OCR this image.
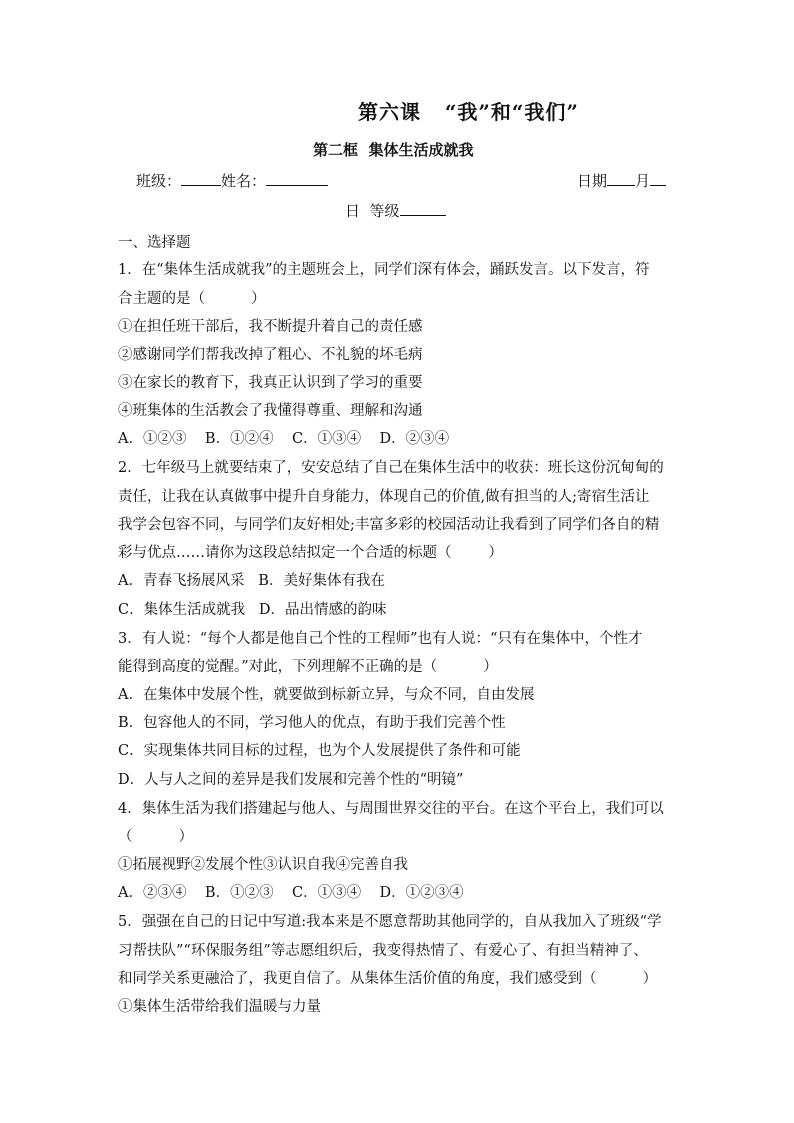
第六课   “我”和“我们”
第二框  集体生活成就我
班级：	姓名：	日期 月
日  等级
一、选择题
1．在“集体生活成就我”的主题班会上，同学们深有体会，踊跃发言。以下发言，符
合主题的是（          ）
①在担任班干部后，我不断提升着自己的责任感
②感谢同学们帮我改掉了粗心、不礼貌的坏毛病
③在家长的教育下，我真正认识到了学习的重要
④班集体的生活教会了我懂得尊重、理解和沟通
A．①②③    B．①②④    C．①③④    D．②③④
2．七年级马上就要结束了，安安总结了自己在集体生活中的收获：班长这份沉甸甸的
责任，让我在认真做事中提升自身能力，体现自己的价值,做有担当的人;寄宿生活让
我学会包容不同，与同学们友好相处;丰富多彩的校园活动让我看到了同学们各自的精
彩与优点……请你为这段总结拟定一个合适的标题（        ）
A．青春飞扬展风采   B．美好集体有我在
C．集体生活成就我   D．品出情感的韵味
3．有人说：“每个人都是他自己个性的工程师”也有人说：“只有在集体中，个性才
能得到高度的觉醒。”对此，下列理解不正确的是（          ）
A．在集体中发展个性，就要做到标新立异，与众不同，自由发展
B．包容他人的不同，学习他人的优点，有助于我们完善个性
C．实现集体共同目标的过程，也为个人发展提供了条件和可能
D．人与人之间的差异是我们发展和完善个性的“明镜”
4．集体生活为我们搭建起与他人、与周围世界交往的平台。在这个平台上，我们可以
（          ）
①拓展视野②发展个性③认识自我④完善自我
A．②③④    B．①②③    C．①③④    D．①②③④
5．强强在自己的日记中写道:我本来是不愿意帮助其他同学的，自从我加入了班级“学
习帮扶队”“环保服务组”等志愿组织后，我变得热情了、有爱心了、有担当精神了、
和同学关系更融洽了，我更自信了。从集体生活价值的角度，我们感受到（          ）
①集体生活带给我们温暖与力量
